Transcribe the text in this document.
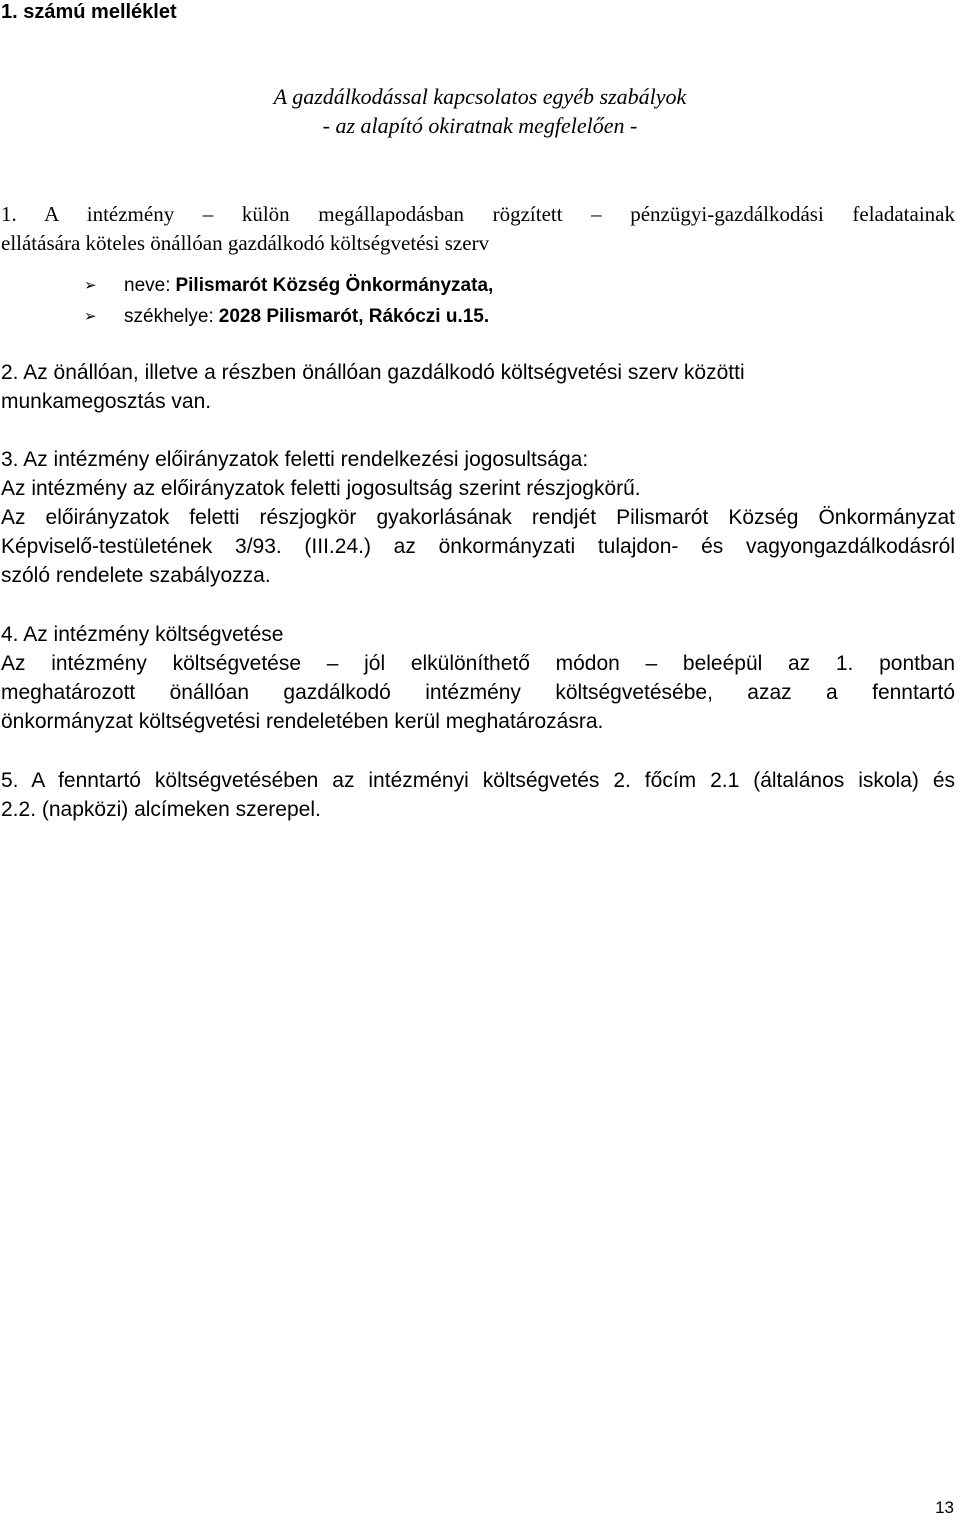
1. számú melléklet
A gazdálkodással kapcsolatos egyéb szabályok
- az alapító okiratnak megfelelően -
1. A intézmény – külön megállapodásban rögzített – pénzügyi-gazdálkodási feladatainak
ellátására köteles önállóan gazdálkodó költségvetési szerv
➢	neve: Pilismarót Község Önkormányzata,
➢	székhelye: 2028 Pilismarót, Rákóczi u.15.
2. Az önállóan, illetve a részben önállóan gazdálkodó költségvetési szerv közötti
munkamegosztás van.
3. Az intézmény előirányzatok feletti rendelkezési jogosultsága:
Az intézmény az előirányzatok feletti jogosultság szerint részjogkörű.
Az előirányzatok feletti részjogkör gyakorlásának rendjét Pilismarót Község Önkormányzat
Képviselő-testületének 3/93. (III.24.) az önkormányzati tulajdon- és vagyongazdálkodásról
szóló rendelete szabályozza.
4. Az intézmény költségvetése
Az intézmény költségvetése – jól elkülöníthető módon – beleépül az 1. pontban
meghatározott önállóan gazdálkodó intézmény költségvetésébe, azaz a fenntartó
önkormányzat költségvetési rendeletében kerül meghatározásra.
5. A fenntartó költségvetésében az intézményi költségvetés 2. főcím 2.1 (általános iskola) és
2.2. (napközi) alcímeken szerepel.
13
